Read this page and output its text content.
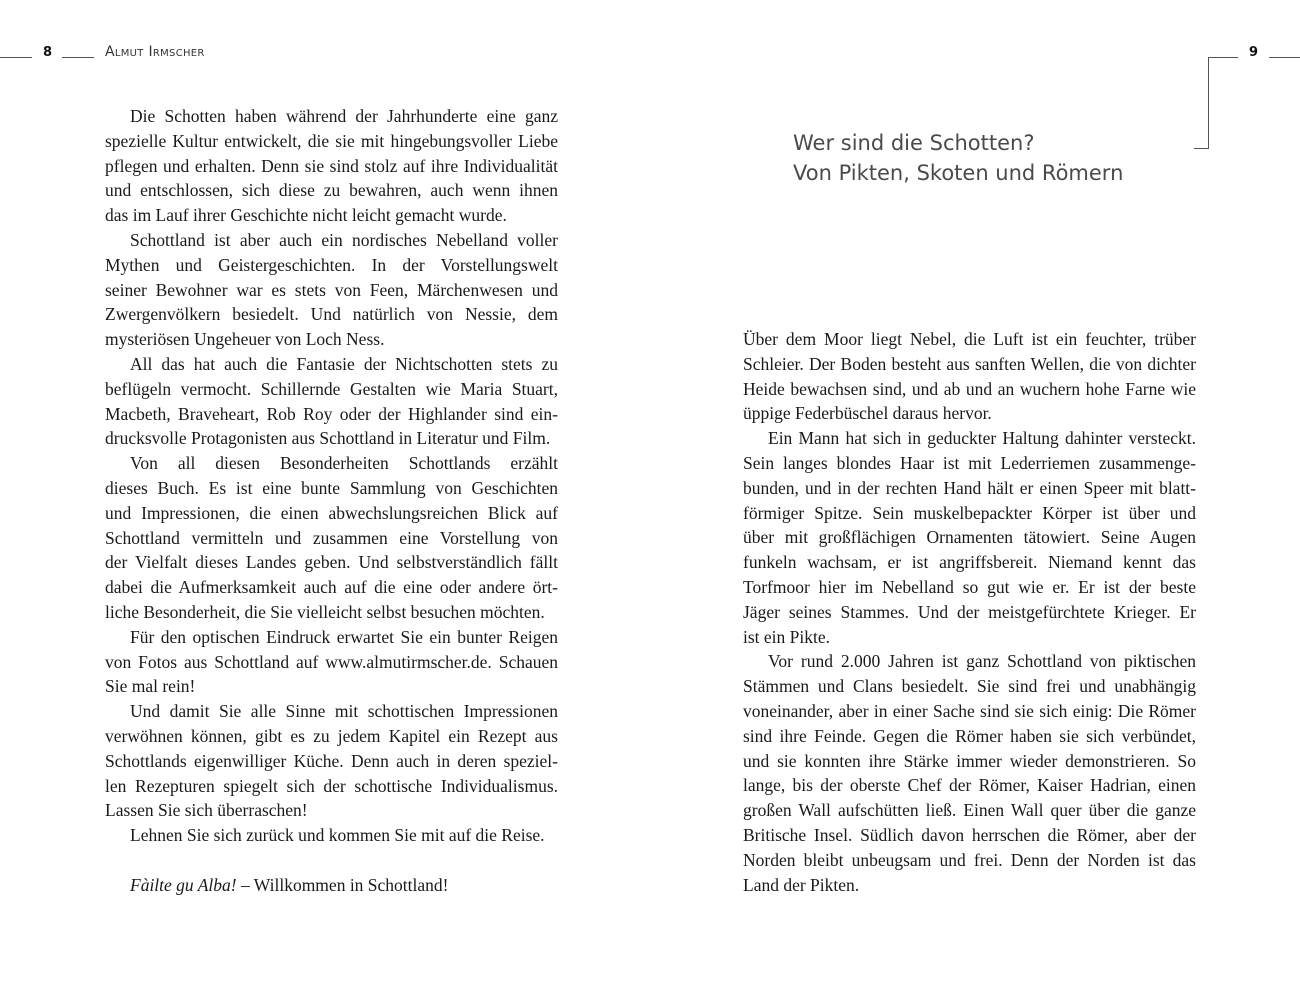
8	Almut Irmscher	9
Wer sind die Schotten?
Von Pikten, Skoten und Römern
Die Schotten haben während der Jahrhunderte eine ganz
spezielle Kultur entwickelt, die sie mit hingebungsvoller Liebe
pflegen und erhalten. Denn sie sind stolz auf ihre Individualität
und entschlossen, sich diese zu bewahren, auch wenn ihnen
das im Lauf ihrer Geschichte nicht leicht gemacht wurde.
Schottland ist aber auch ein nordisches Nebelland voller
Mythen und Geistergeschichten. In der Vorstellungswelt
seiner Bewohner war es stets von Feen, Märchenwesen und
Zwergenvölkern besiedelt. Und natürlich von Nessie, dem
mysteriösen Ungeheuer von Loch Ness.
All das hat auch die Fantasie der Nichtschotten stets zu
beflügeln vermocht. Schillernde Gestalten wie Maria Stuart,
Macbeth, Braveheart, Rob Roy oder der Highlander sind ein-
drucksvolle Protagonisten aus Schottland in Literatur und Film.
Von all diesen Besonderheiten Schottlands erzählt
dieses Buch. Es ist eine bunte Sammlung von Geschichten
und Impressionen, die einen abwechslungsreichen Blick auf
Schottland vermitteln und zusammen eine Vorstellung von
der Vielfalt dieses Landes geben. Und selbstverständlich fällt
dabei die Aufmerksamkeit auch auf die eine oder andere ört-
liche Besonderheit, die Sie vielleicht selbst besuchen möchten.
Für den optischen Eindruck erwartet Sie ein bunter Reigen
von Fotos aus Schottland auf www.almutirmscher.de. Schauen
Sie mal rein!
Und damit Sie alle Sinne mit schottischen Impressionen
verwöhnen können, gibt es zu jedem Kapitel ein Rezept aus
Schottlands eigenwilliger Küche. Denn auch in deren speziel-
len Rezepturen spiegelt sich der schottische Individualismus.
Lassen Sie sich überraschen!
Lehnen Sie sich zurück und kommen Sie mit auf die Reise.
Fàilte gu Alba! – Willkommen in Schottland!
Über dem Moor liegt Nebel, die Luft ist ein feuchter, trüber
Schleier. Der Boden besteht aus sanften Wellen, die von dichter
Heide bewachsen sind, und ab und an wuchern hohe Farne wie
üppige Federbüschel daraus hervor.
Ein Mann hat sich in geduckter Haltung dahinter versteckt.
Sein langes blondes Haar ist mit Lederriemen zusammenge-
bunden, und in der rechten Hand hält er einen Speer mit blatt-
förmiger Spitze. Sein muskelbepackter Körper ist über und
über mit großflächigen Ornamenten tätowiert. Seine Augen
funkeln wachsam, er ist angriffsbereit. Niemand kennt das
Torfmoor hier im Nebelland so gut wie er. Er ist der beste
Jäger seines Stammes. Und der meistgefürchtete Krieger. Er
ist ein Pikte.
Vor rund 2.000 Jahren ist ganz Schottland von piktischen
Stämmen und Clans besiedelt. Sie sind frei und unabhängig
voneinander, aber in einer Sache sind sie sich einig: Die Römer
sind ihre Feinde. Gegen die Römer haben sie sich verbündet,
und sie konnten ihre Stärke immer wieder demonstrieren. So
lange, bis der oberste Chef der Römer, Kaiser Hadrian, einen
großen Wall aufschütten ließ. Einen Wall quer über die ganze
Britische Insel. Südlich davon herrschen die Römer, aber der
Norden bleibt unbeugsam und frei. Denn der Norden ist das
Land der Pikten.
